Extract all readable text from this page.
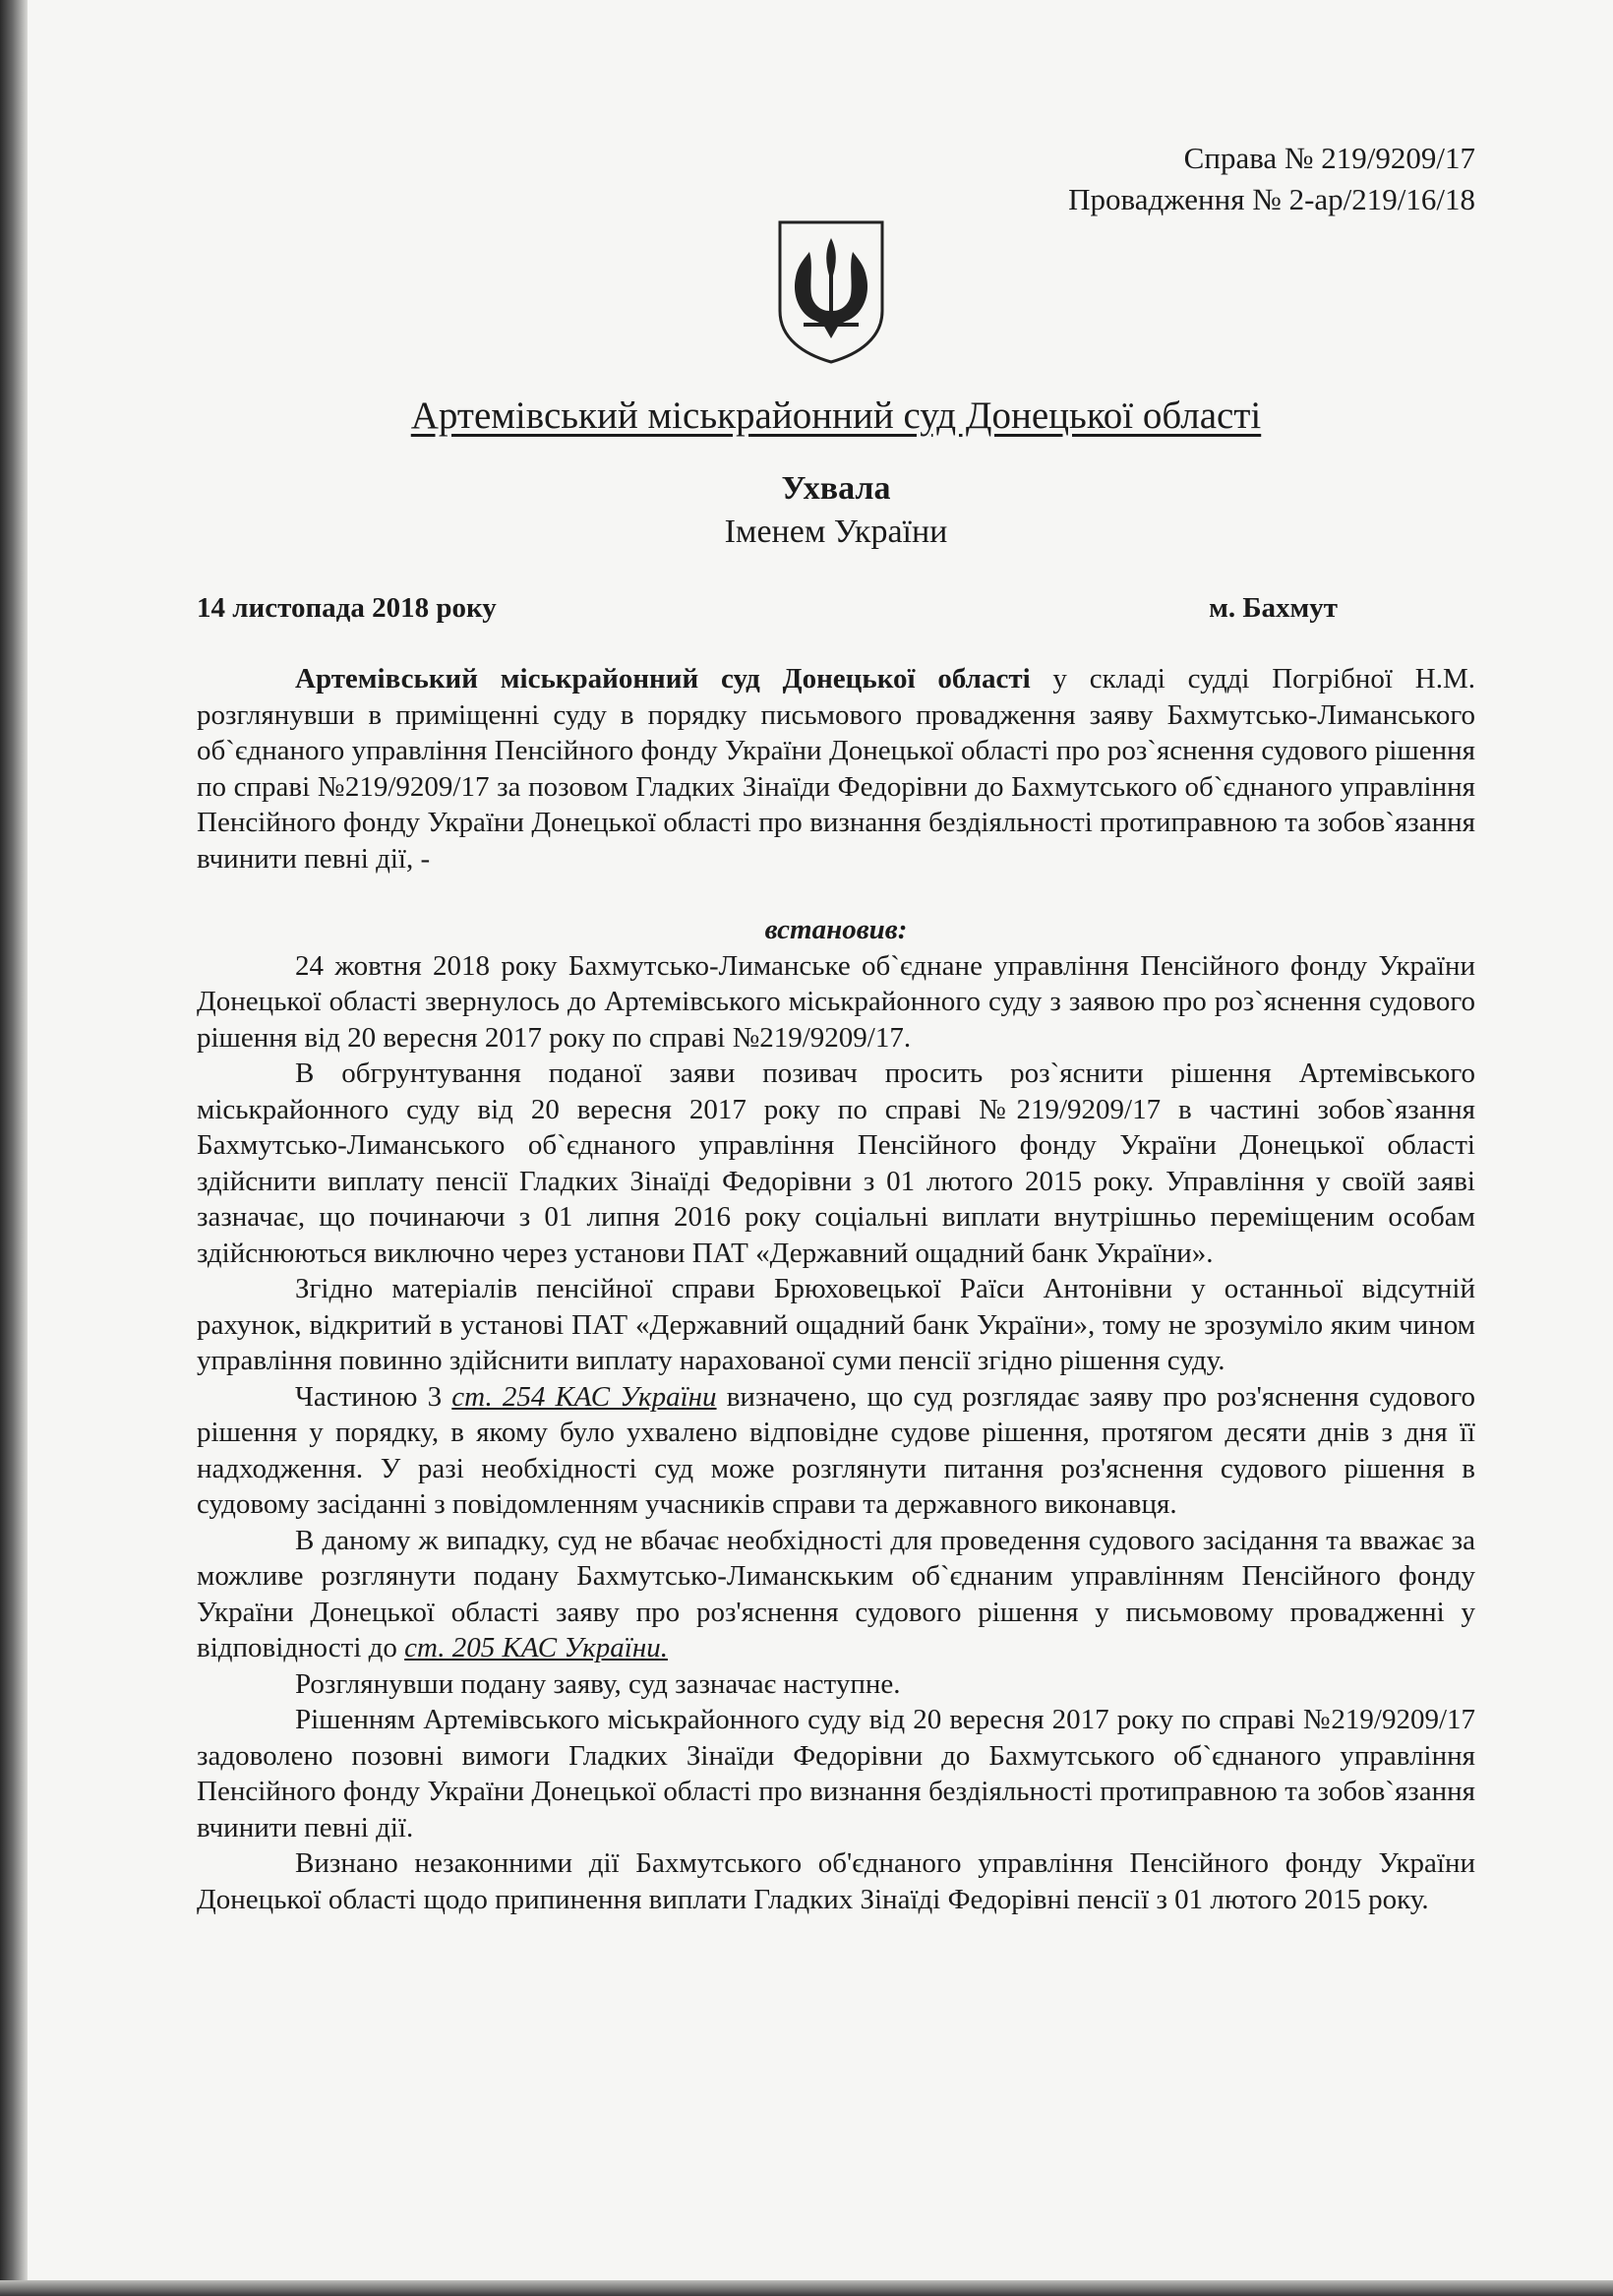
Справа № 219/9209/17
Провадження № 2-ар/219/16/18
Артемівський міськрайонний суд Донецької області
Ухвала
Іменем України
14 листопада 2018 року	м. Бахмут

Артемівський міськрайонний суд Донецької області у складі судді Погрібної Н.М. розглянувши в приміщенні суду в порядку письмового провадження заяву Бахмутсько-Лиманського об`єднаного управління Пенсійного фонду України Донецької області про роз`яснення судового рішення по справі №219/9209/17 за позовом Гладких Зінаїди Федорівни до Бахмутського об`єднаного управління Пенсійного фонду України Донецької області про визнання бездіяльності протиправною та зобов`язання вчинити певні дії, -

встановив:

24 жовтня 2018 року Бахмутсько-Лиманське об`єднане управління Пенсійного фонду України Донецької області звернулось до Артемівського міськрайонного суду з заявою про роз`яснення судового рішення від 20 вересня 2017 року по справі №219/9209/17.

В обгрунтування поданої заяви позивач просить роз`яснити рішення Артемівського міськрайонного суду від 20 вересня 2017 року по справі №219/9209/17 в частині зобов`язання Бахмутсько-Лиманського об`єднаного управління Пенсійного фонду України Донецької області здійснити виплату пенсії Гладких Зінаїді Федорівни з 01 лютого 2015 року. Управління у своїй заяві зазначає, що починаючи з 01 липня 2016 року соціальні виплати внутрішньо переміщеним особам здійснюються виключно через установи ПАТ «Державний ощадний банк України».

Згідно матеріалів пенсійної справи Брюховецької Раїси Антонівни у останньої відсутній рахунок, відкритий в установі ПАТ «Державний ощадний банк України», тому не зрозуміло яким чином управління повинно здійснити виплату нарахованої суми пенсії згідно рішення суду.

Частиною 3 ст. 254 КАС України визначено, що суд розглядає заяву про роз'яснення судового рішення у порядку, в якому було ухвалено відповідне судове рішення, протягом десяти днів з дня її надходження. У разі необхідності суд може розглянути питання роз'яснення судового рішення в судовому засіданні з повідомленням учасників справи та державного виконавця.

В даному ж випадку, суд не вбачає необхідності для проведення судового засідання та вважає за можливе розглянути подану Бахмутсько-Лиманскьким об`єднаним управлінням Пенсійного фонду України Донецької області заяву про роз'яснення судового рішення у письмовому провадженні у відповідності до ст. 205 КАС України.

Розглянувши подану заяву, суд зазначає наступне.

Рішенням Артемівського міськрайонного суду від 20 вересня 2017 року по справі №219/9209/17 задоволено позовні вимоги Гладких Зінаїди Федорівни до Бахмутського об`єднаного управління Пенсійного фонду України Донецької області про визнання бездіяльності протиправною та зобов`язання вчинити певні дії.

Визнано незаконними дії Бахмутського об'єднаного управління Пенсійного фонду України Донецької області щодо припинення виплати Гладких Зінаїді Федорівні пенсії з 01 лютого 2015 року.
